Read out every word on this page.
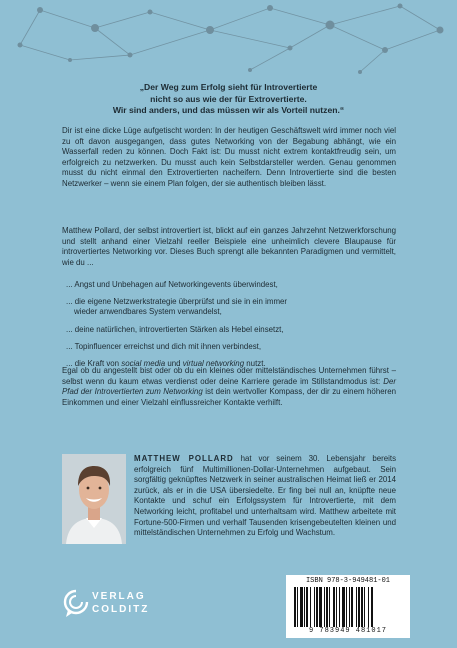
„Der Weg zum Erfolg sieht für Introvertierte
nicht so aus wie der für Extrovertierte.
Wir sind anders, und das müssen wir als Vorteil nutzen.“

Dir ist eine dicke Lüge aufgetischt worden: In der heutigen Geschäftswelt wird immer noch viel zu oft davon ausgegangen, dass gutes Networking von der Begabung abhängt, wie ein Wasserfall reden zu können. Doch Fakt ist: Du musst nicht extrem kontaktfreudig sein, um erfolgreich zu netzwerken. Du musst auch kein Selbstdarsteller werden. Genau genommen musst du nicht einmal den Extrovertierten nacheifern. Denn Introvertierte sind die besten Netzwerker – wenn sie einem Plan folgen, der sie authentisch bleiben lässt.

Matthew Pollard, der selbst introvertiert ist, blickt auf ein ganzes Jahrzehnt Netzwerkforschung und stellt anhand einer Vielzahl reeller Beispiele eine unheimlich clevere Blaupause für introvertiertes Networking vor. Dieses Buch sprengt alle bekannten Paradigmen und vermittelt, wie du ...

... Angst und Unbehagen auf Networkingevents überwindest,
... die eigene Netzwerkstrategie überprüfst und sie in ein immer
wieder anwendbares System verwandelst,
... deine natürlichen, introvertierten Stärken als Hebel einsetzt,
... Topinfluencer erreichst und dich mit ihnen verbindest,
... die Kraft von social media und virtual networking nutzt.

Egal ob du angestellt bist oder ob du ein kleines oder mittelständisches Unternehmen führst – selbst wenn du kaum etwas verdienst oder deine Karriere gerade im Stillstandmodus ist: Der Pfad der Introvertierten zum Networking ist dein wertvoller Kompass, der dir zu einem höheren Einkommen und einer Vielzahl einflussreicher Kontakte verhilft.

MATTHEW POLLARD hat vor seinem 30. Lebensjahr bereits erfolgreich fünf Multimillionen-Dollar-Unternehmen aufgebaut. Sein sorgfältig geknüpftes Netzwerk in seiner australischen Heimat ließ er 2014 zurück, als er in die USA übersiedelte. Er fing bei null an, knüpfte neue Kontakte und schuf ein Erfolgssystem für Introvertierte, mit dem Networking leicht, profitabel und unterhaltsam wird. Matthew arbeitete mit Fortune-500-Firmen und verhalf Tausenden krisengebeutelten kleinen und mittelständischen Unternehmen zu Erfolg und Wachstum.

VERLAG
COLDITZ
ISBN 978-3-949481-01
9 783949 481017
